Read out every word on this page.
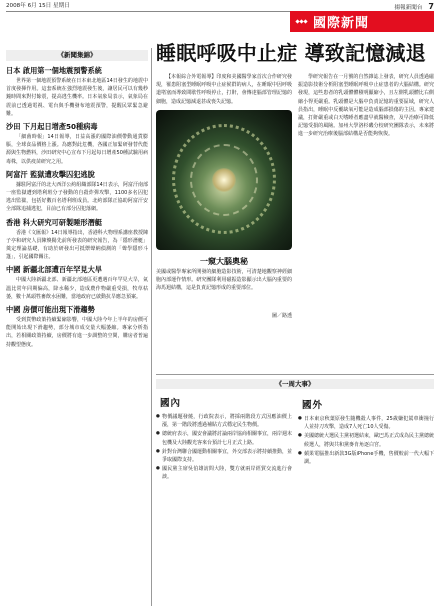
2008年 6月 15日 星期日	揚報新聞台 7
國際新聞
《新聞集錦》
日本 啟用第一個地震預警系統

世界第一個地震預警系統在日本東北地區14日發生的地震中首度發揮作用。這套系統在強烈地震發生後，讓居民可以有幾秒鐘時間來對付餘震，提高逃生機率。日本氣象局表示，氣象局在震前已透過電視、電台與手機發布地震預警，提醒民眾緊急避難。

沙田 下月起日增產50種病毒

「細菌時報」14日報導，日益高漲的國際油價帶動通貨膨脹，全球食品價格上漲。為應對此危機，各國正加緊研發替代能源與生物燃料，沙田研究中心宣布下月起每日增產50種試驗用病毒株，以供疫苗研究之用。

阿富汗 監獄遭攻擊囚犯逃脫

據駐阿富汗的北大西洋公約組織部隊14日表示，阿富汗南部一座監獄遭到塔利班分子發動的自殺炸彈攻擊，1100多名囚犯逃出監獄，包括好數百名塔利班成員。北約部隊正協助阿富汗安全部隊追捕逃犯，目前已有部分囚犯落網。

香港 科大研究可研製睡形潛艇

香港《文匯報》14日報導指出，香港科大物理系講座教授陳子亭和研究人員陳煥陽先前所發表的研究報告，為「隱形潛艇」奠定理論基礎，有助於研發出可抵禦聲納偵測的「聲學隱形斗篷」，引起國際關注。

中國 新疆北部遭百年罕見大旱

中國大陸新疆北部、新疆北部地區更遭遇百年罕見大旱，氣溫比常年同期偏高，降水稀少，造成農作物嚴重受損，牧草枯萎，數十萬頭牲畜飲水困難，當地政府已啟動抗旱應急預案。

中國 房價可能出現下滑趨勢

受到貨幣政策持續緊縮影響，中國大陸今年上半年的房價可能開始出現下滑趨勢，部分城市成交量大幅萎縮。專家分析指出，若相關政策持續，房價將有進一步調整的空間，購房者普遍持觀望態度。

睡眠呼吸中止症 導致記憶減退

【本報綜合外電報導】印度和美國醫學家首次合作研究發現，罹患阻塞型睡眠呼吸中止症候群的病人，在睡眠中因呼吸道堵塞而導致間歇性呼吸停止，打鼾，會傳達腦部管理記憶的細胞，造成記憶減退甚或喪失記憶。

一窺大腦奧秘
美國或醫學專家所開發的細胞造影技術，可清楚地觀察神經細胞內部運作情形。研究團隊利用磁振造影顯示出大腦內重要的海馬迴結構，這是負責記憶形成的重要部位。
圖／路透

學研究報告在一月號的自然雜誌上發表，研究人員透過磁振造影技術分析阻塞型睡眠呼吸中止症患者的大腦結構。研究發現，這些患者的乳頭體體積明顯縮小，且左側乳頭體比右側縮小得更嚴重。乳頭體是大腦中負責記憶的重要區域，研究人員指出，睡眠中反覆缺氧可能是造成腦部損傷的主因。專家建議，打鼾嚴重或白天嗜睡者應盡早就醫檢查，及早治療可降低記憶受損的風險。加州大學洛杉磯分校研究團隊表示，未來將進一步研究治療後腦部結構是否能夠恢復。

《一周大事》
國內
● 物價議題發燒，行政院表示，將採兩階段方式因應油價上漲，第一階段將透過補貼方式穩定民生物價。
● 總統府表示，國安會議將討論兩岸協商相關事宜，兩岸週末包機及大陸觀光客來台預計七月正式上路。
● 針對台灣聯合國運動相關事宜，外交部表示將持續推動，並爭取國際支持。
● 國民黨主席吳伯雄訪問大陸，雙方就兩岸經貿交流進行會談。
國外
● 日本東京秋葉原發生隨機殺人事件，25歲嫌犯駕車衝撞行人並持刀攻擊，造成7人死亡10人受傷。
● 美國總統大選民主黨初選結束，歐巴馬正式成為民主黨總統候選人，將與共和黨麥肯角逐白宮。
● 蘋果電腦推出新款3G版iPhone手機，售價較前一代大幅下調。
